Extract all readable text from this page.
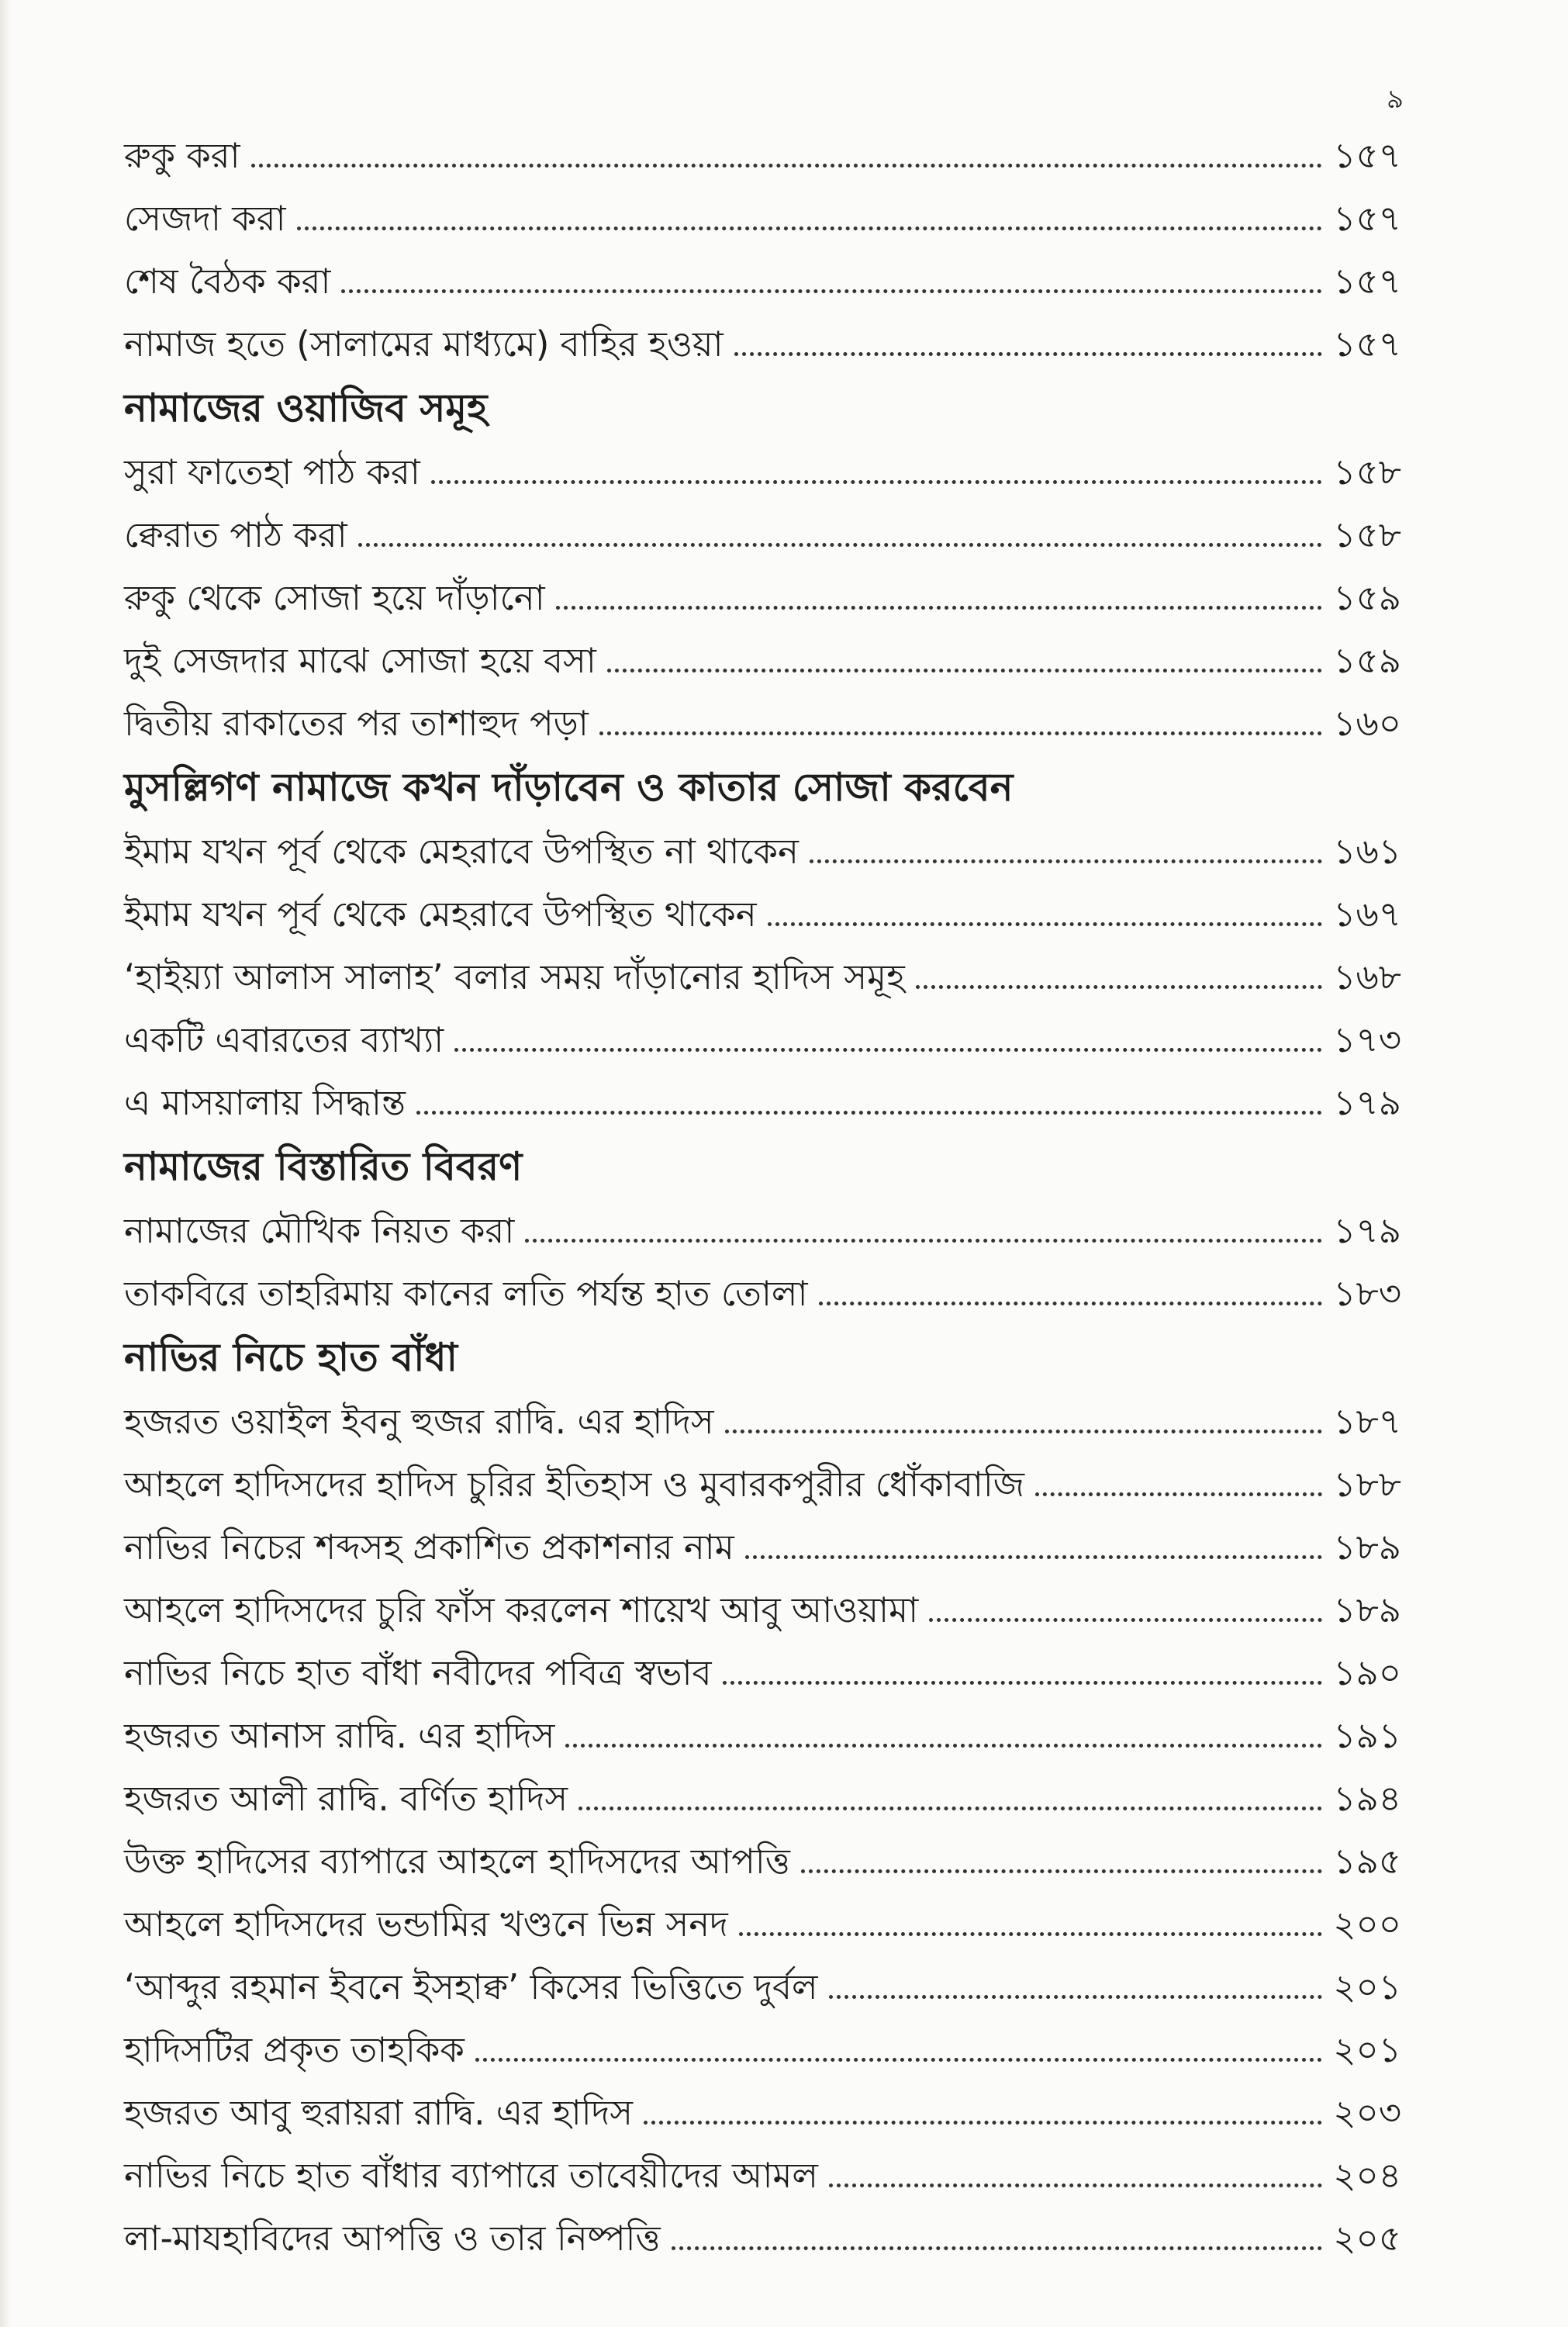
৯
রুকু করা	১৫৭
সেজদা করা	১৫৭
শেষ বৈঠক করা	১৫৭
নামাজ হতে (সালামের মাধ্যমে) বাহির হওয়া	১৫৭
নামাজের ওয়াজিব সমূহ
সুরা ফাতেহা পাঠ করা	১৫৮
ক্বেরাত পাঠ করা	১৫৮
রুকু থেকে সোজা হয়ে দাঁড়ানো	১৫৯
দুই সেজদার মাঝে সোজা হয়ে বসা	১৫৯
দ্বিতীয় রাকাতের পর তাশাহুদ পড়া	১৬০
মুসল্লিগণ নামাজে কখন দাঁড়াবেন ও কাতার সোজা করবেন
ইমাম যখন পূর্ব থেকে মেহরাবে উপস্থিত না থাকেন	১৬১
ইমাম যখন পূর্ব থেকে মেহরাবে উপস্থিত থাকেন	১৬৭
‘হাইয়্যা আলাস সালাহ’ বলার সময় দাঁড়ানোর হাদিস সমূহ	১৬৮
একটি এবারতের ব্যাখ্যা	১৭৩
এ মাসয়ালায় সিদ্ধান্ত	১৭৯
নামাজের বিস্তারিত বিবরণ
নামাজের মৌখিক নিয়ত করা	১৭৯
তাকবিরে তাহরিমায় কানের লতি পর্যন্ত হাত তোলা	১৮৩
নাভির নিচে হাত বাঁধা
হজরত ওয়াইল ইবনু হুজর রাদ্বি. এর হাদিস	১৮৭
আহলে হাদিসদের হাদিস চুরির ইতিহাস ও মুবারকপুরীর ধোঁকাবাজি	১৮৮
নাভির নিচের শব্দসহ প্রকাশিত প্রকাশনার নাম	১৮৯
আহলে হাদিসদের চুরি ফাঁস করলেন শায়েখ আবু আওয়ামা	১৮৯
নাভির নিচে হাত বাঁধা নবীদের পবিত্র স্বভাব	১৯০
হজরত আনাস রাদ্বি. এর হাদিস	১৯১
হজরত আলী রাদ্বি. বর্ণিত হাদিস	১৯৪
উক্ত হাদিসের ব্যাপারে আহলে হাদিসদের আপত্তি	১৯৫
আহলে হাদিসদের ভন্ডামির খণ্ডনে ভিন্ন সনদ	২০০
‘আব্দুর রহমান ইবনে ইসহাক্ব’ কিসের ভিত্তিতে দুর্বল	২০১
হাদিসটির প্রকৃত তাহকিক	২০১
হজরত আবু হুরায়রা রাদ্বি. এর হাদিস	২০৩
নাভির নিচে হাত বাঁধার ব্যাপারে তাবেয়ীদের আমল	২০৪
লা-মাযহাবিদের আপত্তি ও তার নিষ্পত্তি	২০৫
